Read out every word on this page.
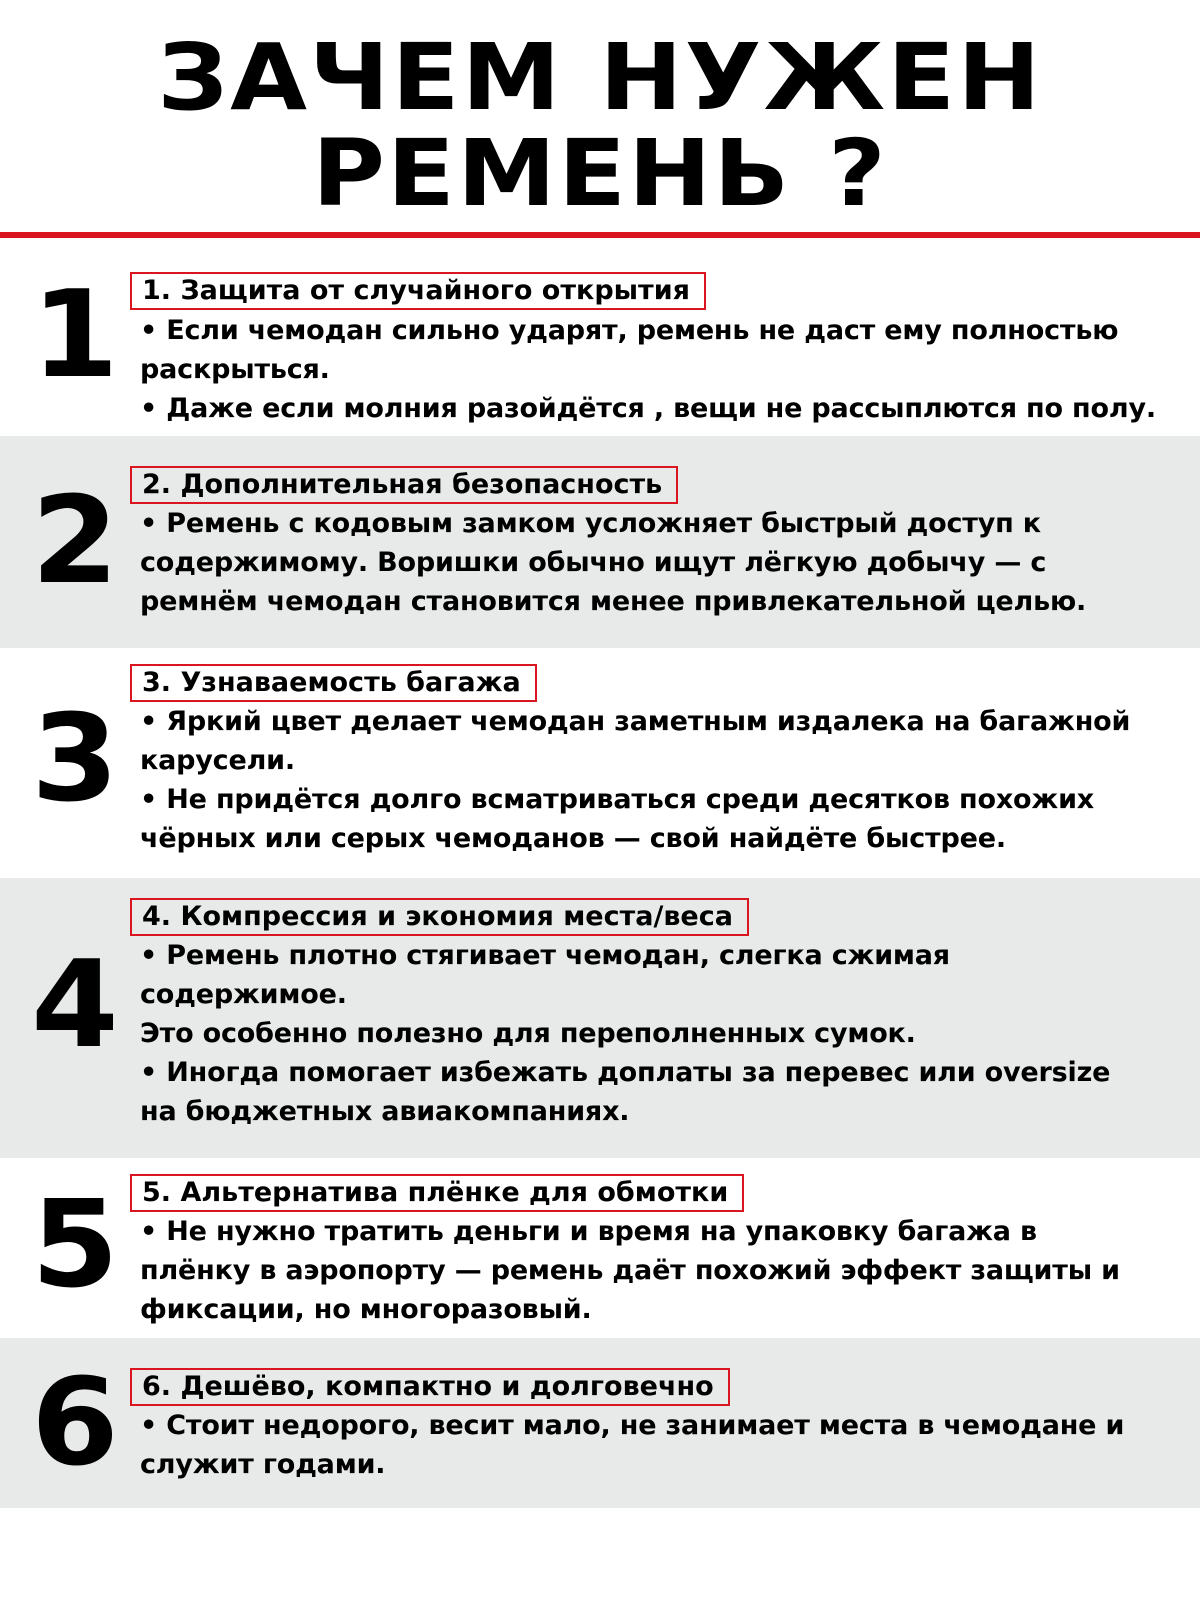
ЗАЧЕМ НУЖЕН
РЕМЕНЬ ?
1 1. Защита от случайного открытия
• Если чемодан сильно ударят, ремень не даст ему полностью
раскрыться.
• Даже если молния разойдётся , вещи не рассыплются по полу.
2 2. Дополнительная безопасность
• Ремень с кодовым замком усложняет быстрый доступ к
содержимому. Воришки обычно ищут лёгкую добычу — с
ремнём чемодан становится менее привлекательной целью.
3
3. Узнаваемость багажа
• Яркий цвет делает чемодан заметным издалека на багажной
карусели.
• Не придётся долго всматриваться среди десятков похожих
чёрных или серых чемоданов — свой найдёте быстрее.
4
4. Компрессия и экономия места/веса
• Ремень плотно стягивает чемодан, слегка сжимая
содержимое.
Это особенно полезно для переполненных сумок.
• Иногда помогает избежать доплаты за перевес или oversize
на бюджетных авиакомпаниях.
5 5. Альтернатива плёнке для обмотки
• Не нужно тратить деньги и время на упаковку багажа в
плёнку в аэропорту — ремень даёт похожий эффект защиты и
фиксации, но многоразовый.
6 6. Дешёво, компактно и долговечно
• Стоит недорого, весит мало, не занимает места в чемодане и
служит годами.
